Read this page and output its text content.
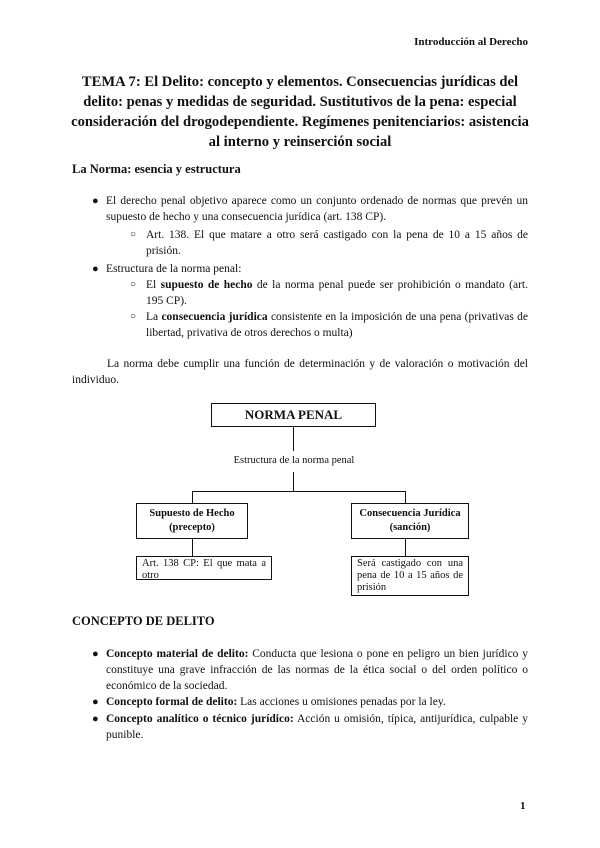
Introducción al Derecho
TEMA 7: El Delito: concepto y elementos. Consecuencias jurídicas del delito: penas y medidas de seguridad. Sustitutivos de la pena: especial consideración del drogodependiente. Regímenes penitenciarios: asistencia al interno y reinserción social
La Norma: esencia y estructura
● El derecho penal objetivo aparece como un conjunto ordenado de normas que prevén un supuesto de hecho y una consecuencia jurídica (art. 138 CP).
○ Art. 138. El que matare a otro será castigado con la pena de 10 a 15 años de prisión.
● Estructura de la norma penal:
○ El supuesto de hecho de la norma penal puede ser prohibición o mandato (art. 195 CP).
○ La consecuencia jurídica consistente en la imposición de una pena (privativas de libertad, privativa de otros derechos o multa)
La norma debe cumplir una función de determinación y de valoración o motivación del individuo.
NORMA PENAL
Estructura de la norma penal
Supuesto de Hecho (precepto)
Consecuencia Jurídica (sanción)
Art. 138 CP: El que mata a otro
Será castigado con una pena de 10 a 15 años de prisión
CONCEPTO DE DELITO
● Concepto material de delito: Conducta que lesiona o pone en peligro un bien jurídico y constituye una grave infracción de las normas de la ética social o del orden político o económico de la sociedad.
● Concepto formal de delito: Las acciones u omisiones penadas por la ley.
● Concepto analítico o técnico jurídico: Acción u omisión, típica, antijurídica, culpable y punible.
1
